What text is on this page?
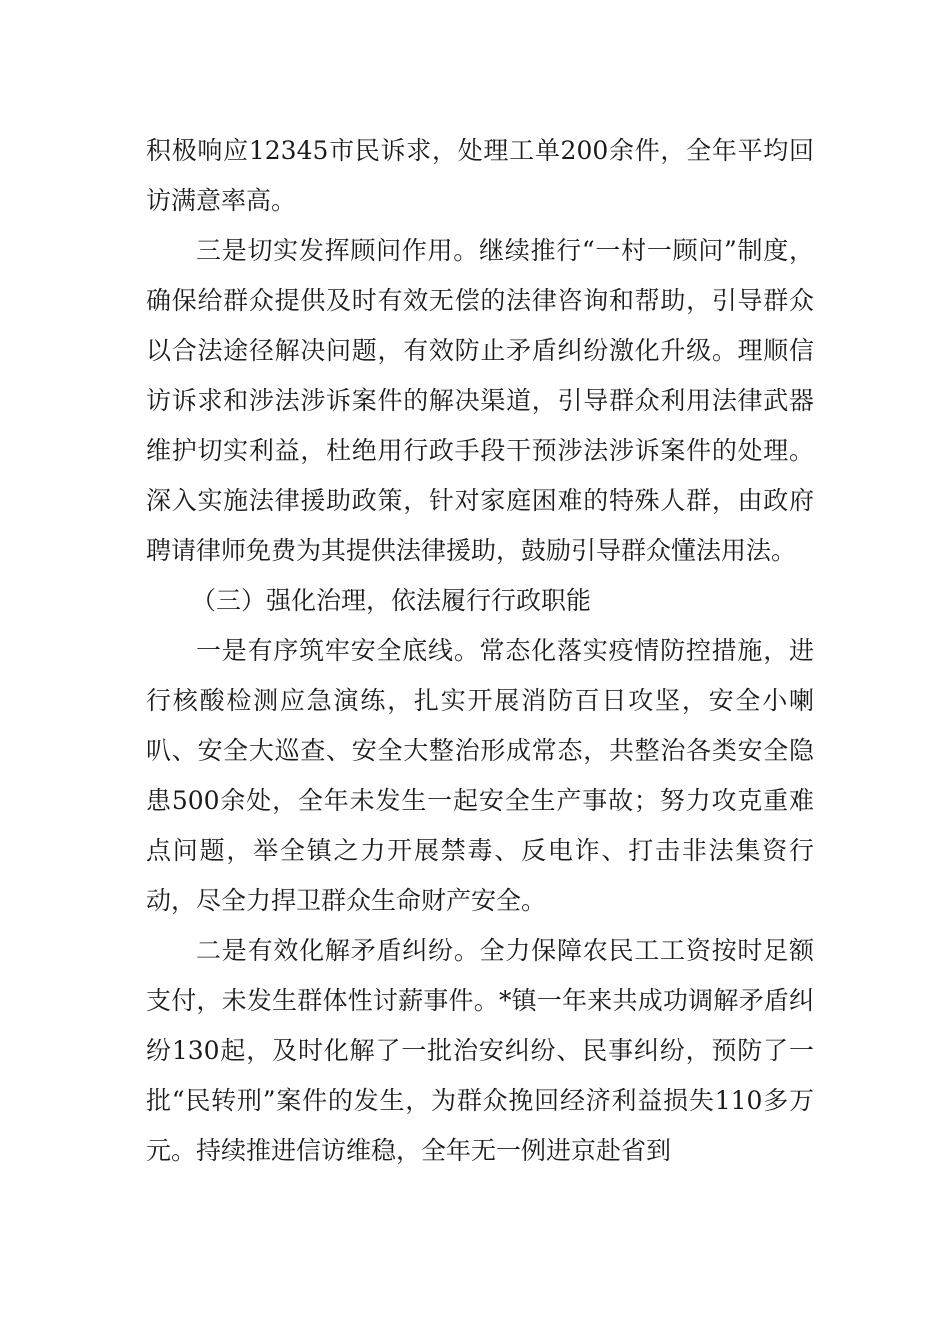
积极响应12345市民诉求，处理工单200余件，全年平均回访满意率高。

三是切实发挥顾问作用。继续推行“一村一顾问”制度，确保给群众提供及时有效无偿的法律咨询和帮助，引导群众以合法途径解决问题，有效防止矛盾纠纷激化升级。理顺信访诉求和涉法涉诉案件的解决渠道，引导群众利用法律武器维护切实利益，杜绝用行政手段干预涉法涉诉案件的处理。深入实施法律援助政策，针对家庭困难的特殊人群，由政府聘请律师免费为其提供法律援助，鼓励引导群众懂法用法。

（三）强化治理，依法履行行政职能

一是有序筑牢安全底线。常态化落实疫情防控措施，进行核酸检测应急演练，扎实开展消防百日攻坚，安全小喇叭、安全大巡查、安全大整治形成常态，共整治各类安全隐患500余处，全年未发生一起安全生产事故；努力攻克重难点问题，举全镇之力开展禁毒、反电诈、打击非法集资行动，尽全力捍卫群众生命财产安全。

二是有效化解矛盾纠纷。全力保障农民工工资按时足额支付，未发生群体性讨薪事件。*镇一年来共成功调解矛盾纠纷130起，及时化解了一批治安纠纷、民事纠纷，预防了一批“民转刑”案件的发生，为群众挽回经济利益损失110多万元。持续推进信访维稳，全年无一例进京赴省到
